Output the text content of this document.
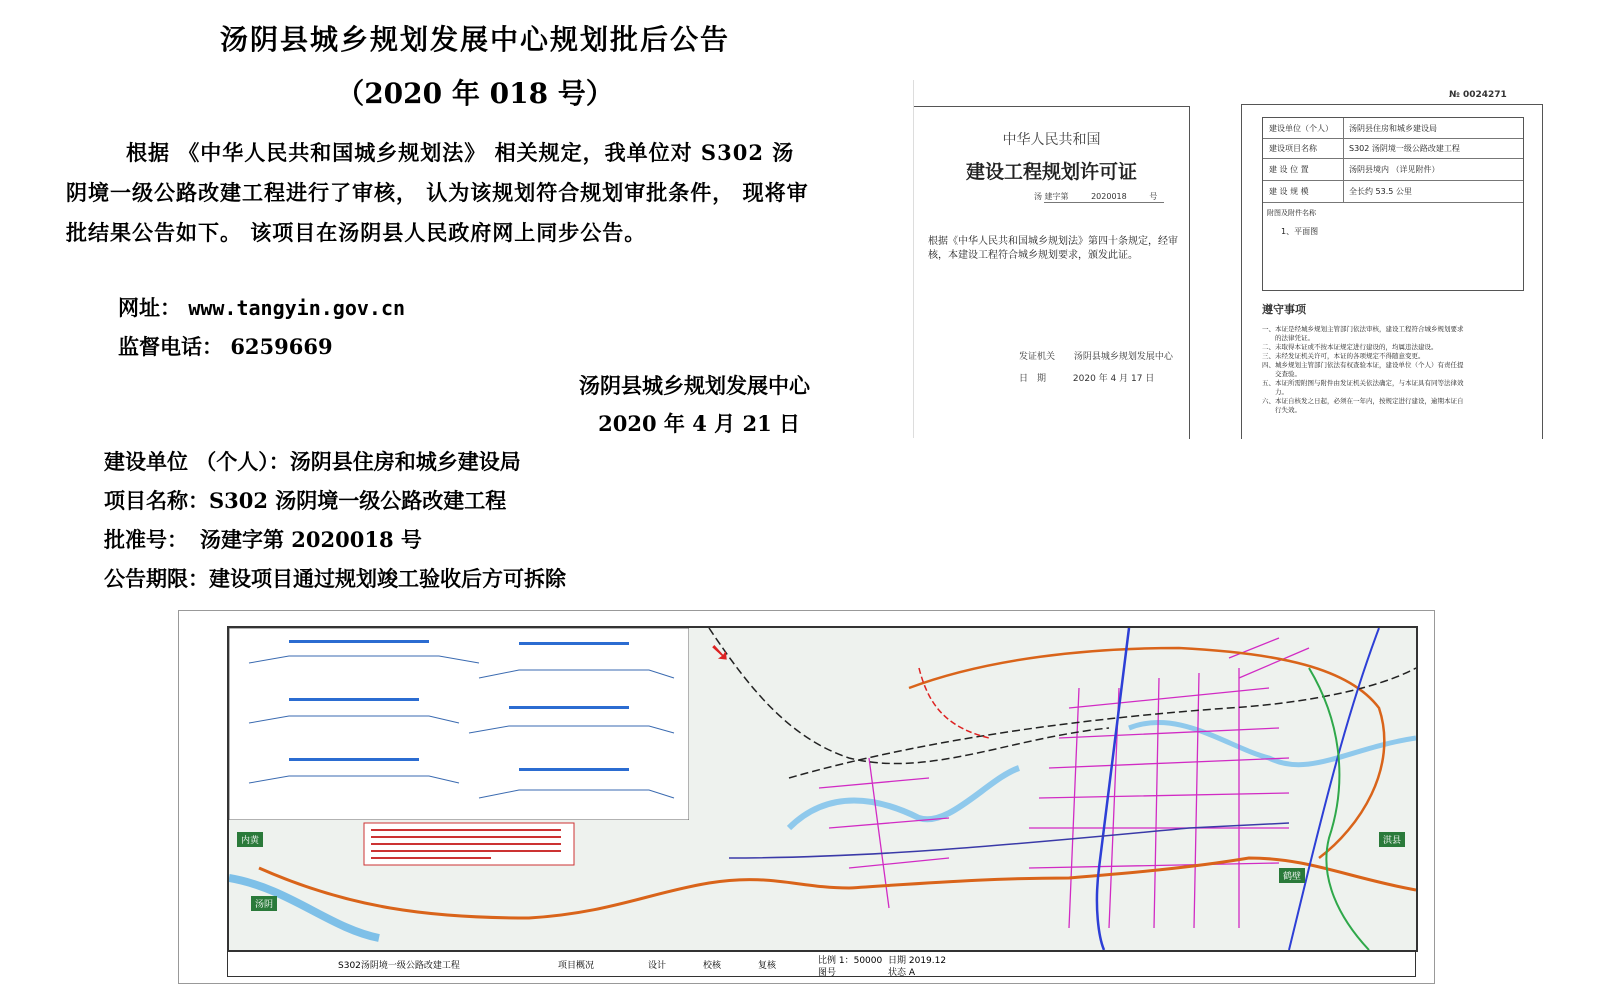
汤阴县城乡规划发展中心规划批后公告
（2020 年 018 号）
根据 《中华人民共和国城乡规划法》 相关规定，我单位对 S302 汤阴境一级公路改建工程进行了审核， 认为该规划符合规划审批条件， 现将审批结果公告如下。 该项目在汤阴县人民政府网上同步公告。
网址： www.tangyin.gov.cn
监督电话： 6259669
汤阴县城乡规划发展中心
2020 年 4 月 21 日
建设单位 （个人）：汤阴县住房和城乡建设局
项目名称：S302 汤阴境一级公路改建工程
批准号： 汤建字第 2020018 号
公告期限：建设项目通过规划竣工验收后方可拆除
中华人民共和国
建设工程规划许可证
汤 建字第	2020018	号
根据《中华人民共和国城乡规划法》第四十条规定，经审核，本建设工程符合城乡规划要求，颁发此证。
发证机关 汤阴县城乡规划发展中心
日　期	2020 年 4 月 17 日
№ 0024271
建设单位（个人） 汤阴县住房和城乡建设局
建设项目名称	S302 汤阴境一级公路改建工程
建 设 位 置	汤阴县境内 （详见附件）
建 设 规 模	全长约 53.5 公里
附图及附件名称
1、平面图
遵守事项
一、本证是经城乡规划主管部门依法审核，建设工程符合城乡规划要求
　　的法律凭证。
二、未取得本证或不按本证规定进行建设的，均属违法建设。
三、未经发证机关许可，本证的各项规定不得随意变更。
四、城乡规划主管部门依法有权查验本证，建设单位（个人）有责任提
　　交查验。
五、本证所需附图与附件由发证机关依法确定，与本证具有同等法律效
　　力。
六、本证自核发之日起，必须在一年内，按规定进行建设，逾期本证自
　　行失效。
内黄
汤阴
鹤壁
淇县
➘
S302汤阴境一级公路改建工程	项目概况	设计	校核	复核	比例 1：50000
图号
日期 2019.12
状态 A
